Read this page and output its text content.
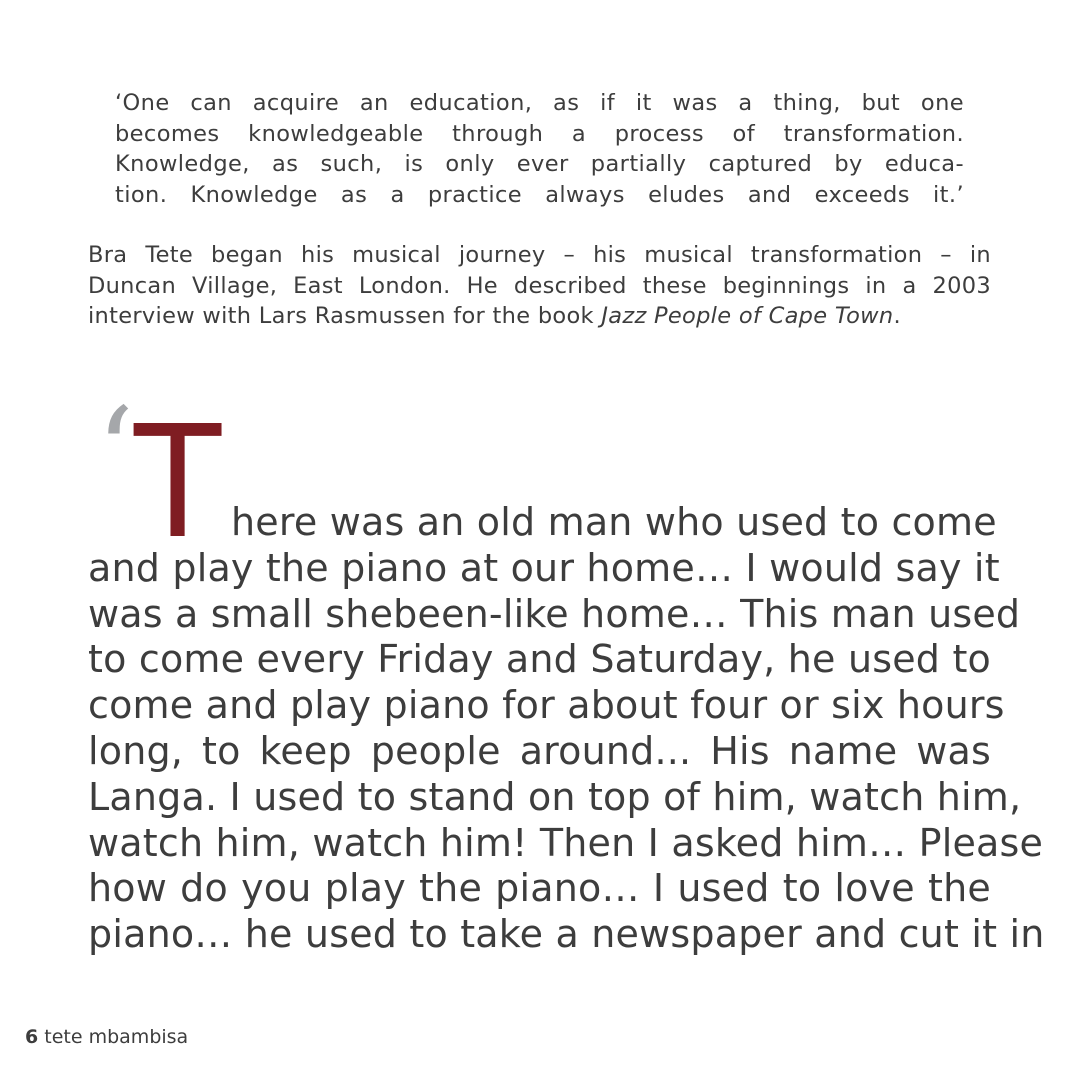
‘One can acquire an education, as if it was a thing, but one
becomes knowledgeable through a process of transformation.
Knowledge, as such, is only ever partially captured by educa-
tion. Knowledge as a practice always eludes and exceeds it.’
Bra Tete began his musical journey – his musical transformation – in
Duncan Village, East London. He described these beginnings in a 2003
interview with Lars Rasmussen for the book Jazz People of Cape Town.
‘ T here was an old man who used to come
and play the piano at our home… I would say it
was a small shebeen-like home… This man used
to come every Friday and Saturday, he used to
come and play piano for about four or six hours
long, to keep people around... His name was
Langa. I used to stand on top of him, watch him,
watch him, watch him! Then I asked him… Please
how do you play the piano… I used to love the
piano… he used to take a newspaper and cut it in
6 tete mbambisa
